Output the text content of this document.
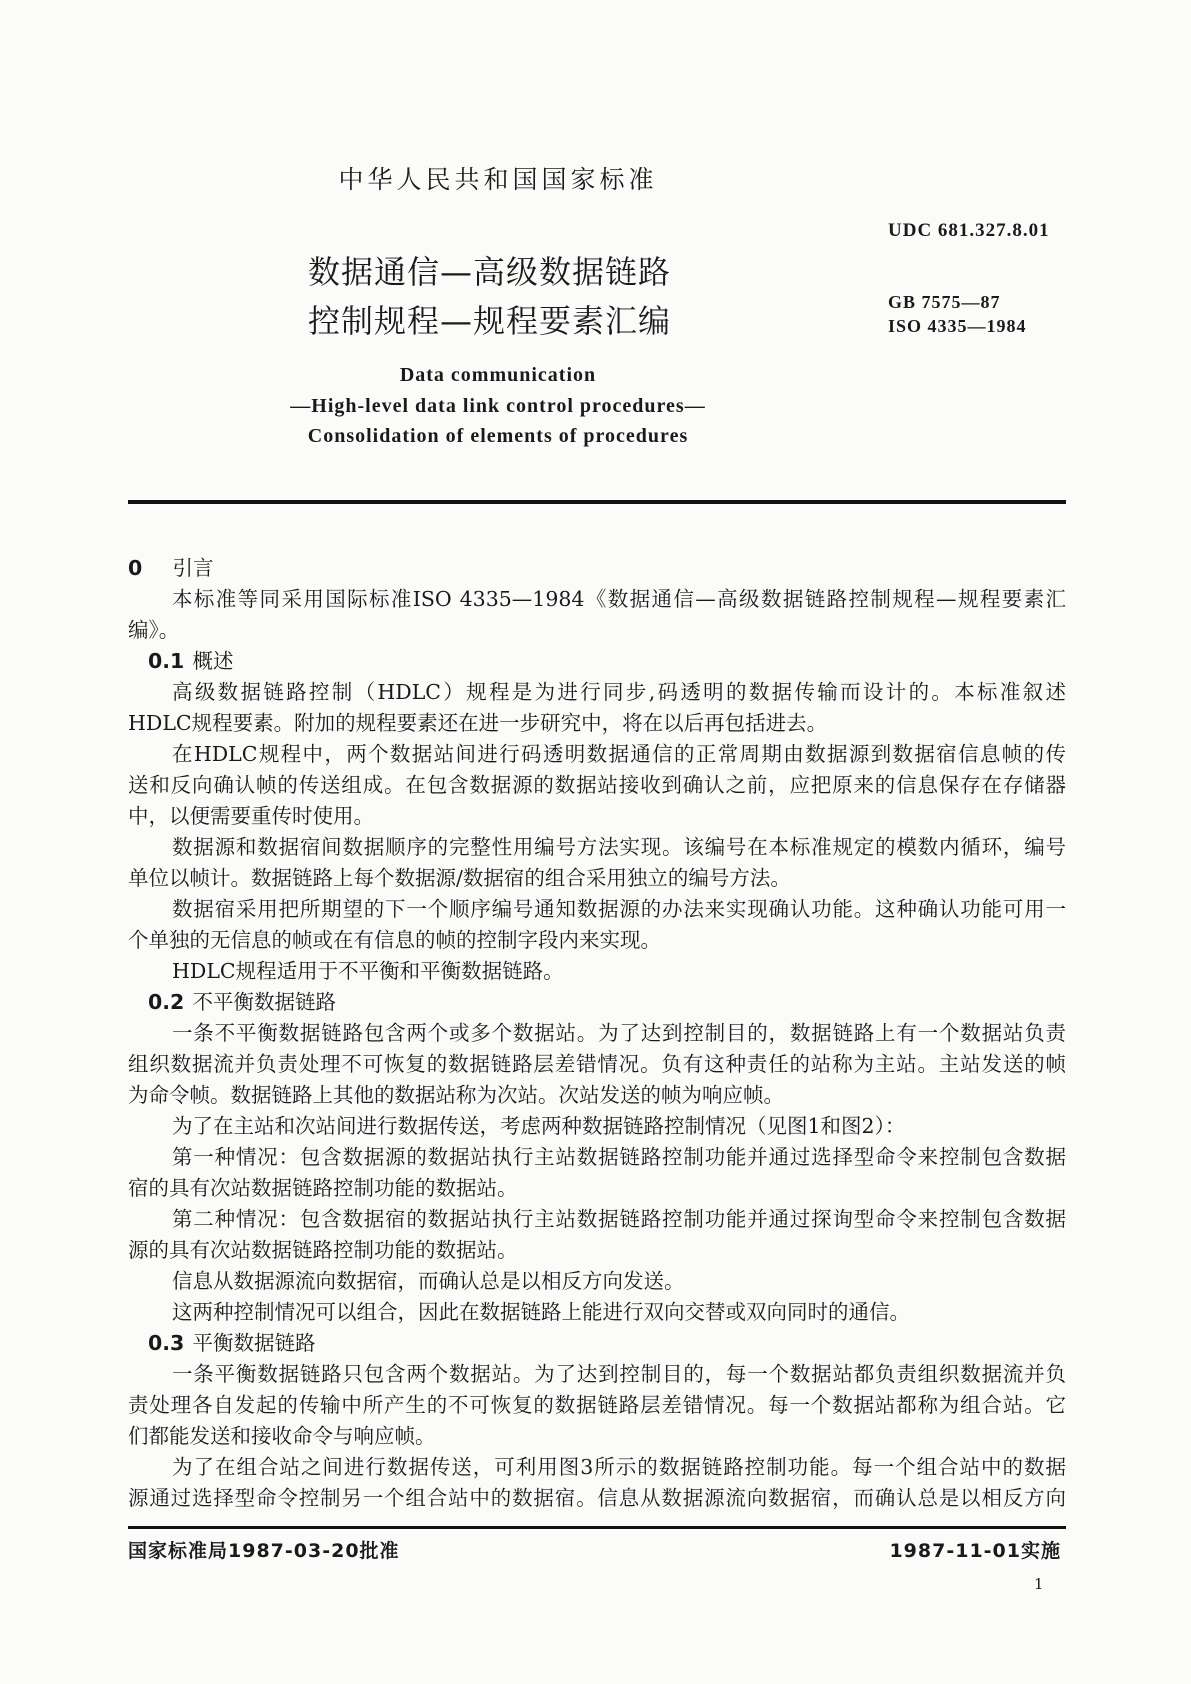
中华人民共和国国家标准
UDC 681.327.8.01
数据通信—高级数据链路
控制规程—规程要素汇编	GB 7575—87
ISO 4335—1984
Data communication
—High-level data link control procedures—
Consolidation of elements of procedures
0 引言
本标准等同采用国际标准ISO 4335—1984《数据通信—高级数据链路控制规程—规程要素汇
编》。
0.1 概述
高级数据链路控制（HDLC）规程是为进行同步,码透明的数据传输而设计的。本标准叙述
HDLC规程要素。附加的规程要素还在进一步研究中，将在以后再包括进去。
在HDLC规程中，两个数据站间进行码透明数据通信的正常周期由数据源到数据宿信息帧的传
送和反向确认帧的传送组成。在包含数据源的数据站接收到确认之前，应把原来的信息保存在存储器
中，以便需要重传时使用。
数据源和数据宿间数据顺序的完整性用编号方法实现。该编号在本标准规定的模数内循环，编号
单位以帧计。数据链路上每个数据源/数据宿的组合采用独立的编号方法。
数据宿采用把所期望的下一个顺序编号通知数据源的办法来实现确认功能。这种确认功能可用一
个单独的无信息的帧或在有信息的帧的控制字段内来实现。
HDLC规程适用于不平衡和平衡数据链路。
0.2 不平衡数据链路
一条不平衡数据链路包含两个或多个数据站。为了达到控制目的，数据链路上有一个数据站负责
组织数据流并负责处理不可恢复的数据链路层差错情况。负有这种责任的站称为主站。主站发送的帧
为命令帧。数据链路上其他的数据站称为次站。次站发送的帧为响应帧。
为了在主站和次站间进行数据传送，考虑两种数据链路控制情况（见图1和图2）：
第一种情况：包含数据源的数据站执行主站数据链路控制功能并通过选择型命令来控制包含数据
宿的具有次站数据链路控制功能的数据站。
第二种情况：包含数据宿的数据站执行主站数据链路控制功能并通过探询型命令来控制包含数据
源的具有次站数据链路控制功能的数据站。
信息从数据源流向数据宿，而确认总是以相反方向发送。
这两种控制情况可以组合，因此在数据链路上能进行双向交替或双向同时的通信。
0.3 平衡数据链路
一条平衡数据链路只包含两个数据站。为了达到控制目的，每一个数据站都负责组织数据流并负
责处理各自发起的传输中所产生的不可恢复的数据链路层差错情况。每一个数据站都称为组合站。它
们都能发送和接收命令与响应帧。
为了在组合站之间进行数据传送，可利用图3所示的数据链路控制功能。每一个组合站中的数据
源通过选择型命令控制另一个组合站中的数据宿。信息从数据源流向数据宿，而确认总是以相反方向
国家标准局1987-03-20批准	1987-11-01实施
1
